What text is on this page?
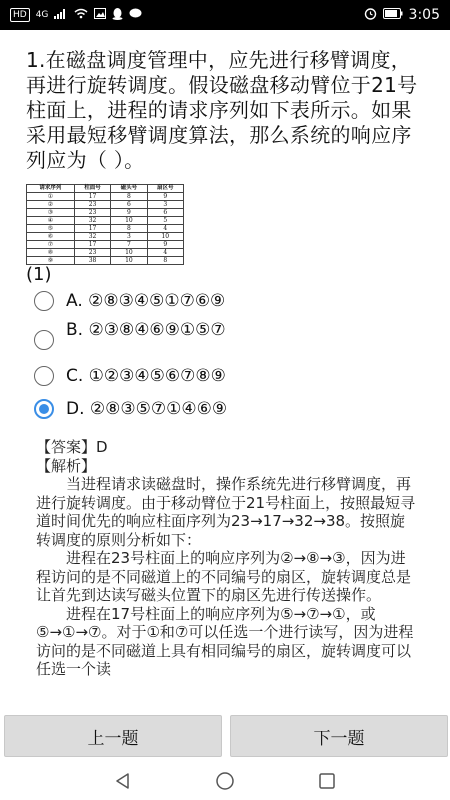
HD	4G	3:05
1.在磁盘调度管理中，应先进行移臂调度，再进行旋转调度。假设磁盘移动臂位于21号柱面上，进程的请求序列如下表所示。如果采用最短移臂调度算法，那么系统的响应序列应为（ ）。
请求序列	柱面号	磁头号	扇区号
①	17	8	9
②	23	6	3
③	23	9	6
④	32	10	5
⑤	17	8	4
⑥	32	3	10
⑦	17	7	9
⑧	23	10	4
⑨	38	10	8
(1)
A. ②⑧③④⑤①⑦⑥⑨
B. ②③⑧④⑥⑨①⑤⑦
C. ①②③④⑤⑥⑦⑧⑨
D. ②⑧③⑤⑦①④⑥⑨

【答案】D

【解析】

当进程请求读磁盘时，操作系统先进行移臂调度，再进行旋转调度。由于移动臂位于21号柱面上，按照最短寻道时间优先的响应柱面序列为23→17→32→38。按照旋转调度的原则分析如下：

进程在23号柱面上的响应序列为②→⑧→③，因为进程访问的是不同磁道上的不同编号的扇区，旋转调度总是让首先到达读写磁头位置下的扇区先进行传送操作。

进程在17号柱面上的响应序列为⑤→⑦→①，或⑤→①→⑦。对于①和⑦可以任选一个进行读写，因为进程访问的是不同磁道上具有相同编号的扇区，旋转调度可以任选一个读

上一题	下一题
